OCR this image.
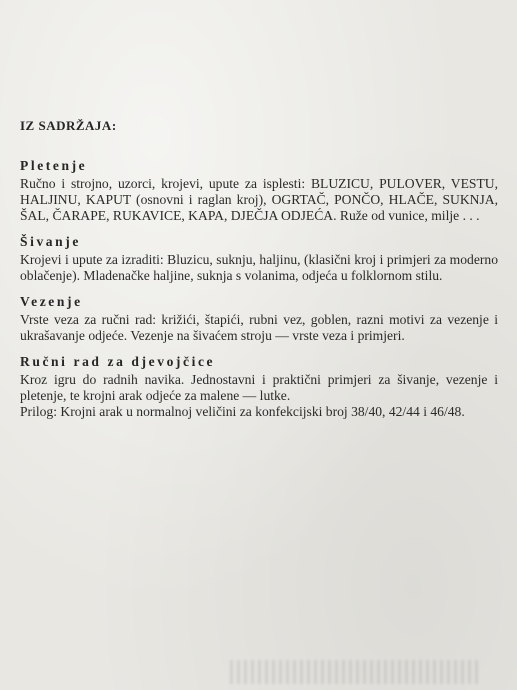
IZ SADRŽAJA:
Pletenje

Ručno i strojno, uzorci, krojevi, upute za isplesti: BLUZICU, PULOVER, VESTU, HALJINU, KAPUT (osnovni i raglan kroj), OGRTAČ, PONČO, HLAČE, SUKNJA, ŠAL, ČARAPE, RUKAVICE, KAPA, DJEČJA ODJEĆA. Ruže od vunice, milje . . .

Šivanje

Krojevi i upute za izraditi: Bluzicu, suknju, haljinu, (klasični kroj i primjeri za moderno oblačenje). Mladenačke haljine, suknja s volanima, odjeća u folklornom stilu.

Vezenje

Vrste veza za ručni rad: križići, štapići, rubni vez, goblen, razni motivi za vezenje i ukrašavanje odjeće. Vezenje na šivaćem stroju — vrste veza i primjeri.

Ručni rad za djevojčice

Kroz igru do radnih navika. Jednostavni i praktični primjeri za šivanje, vezenje i pletenje, te krojni arak odjeće za malene — lutke.

Prilog: Krojni arak u normalnoj veličini za konfekcijski broj 38/40, 42/44 i 46/48.
